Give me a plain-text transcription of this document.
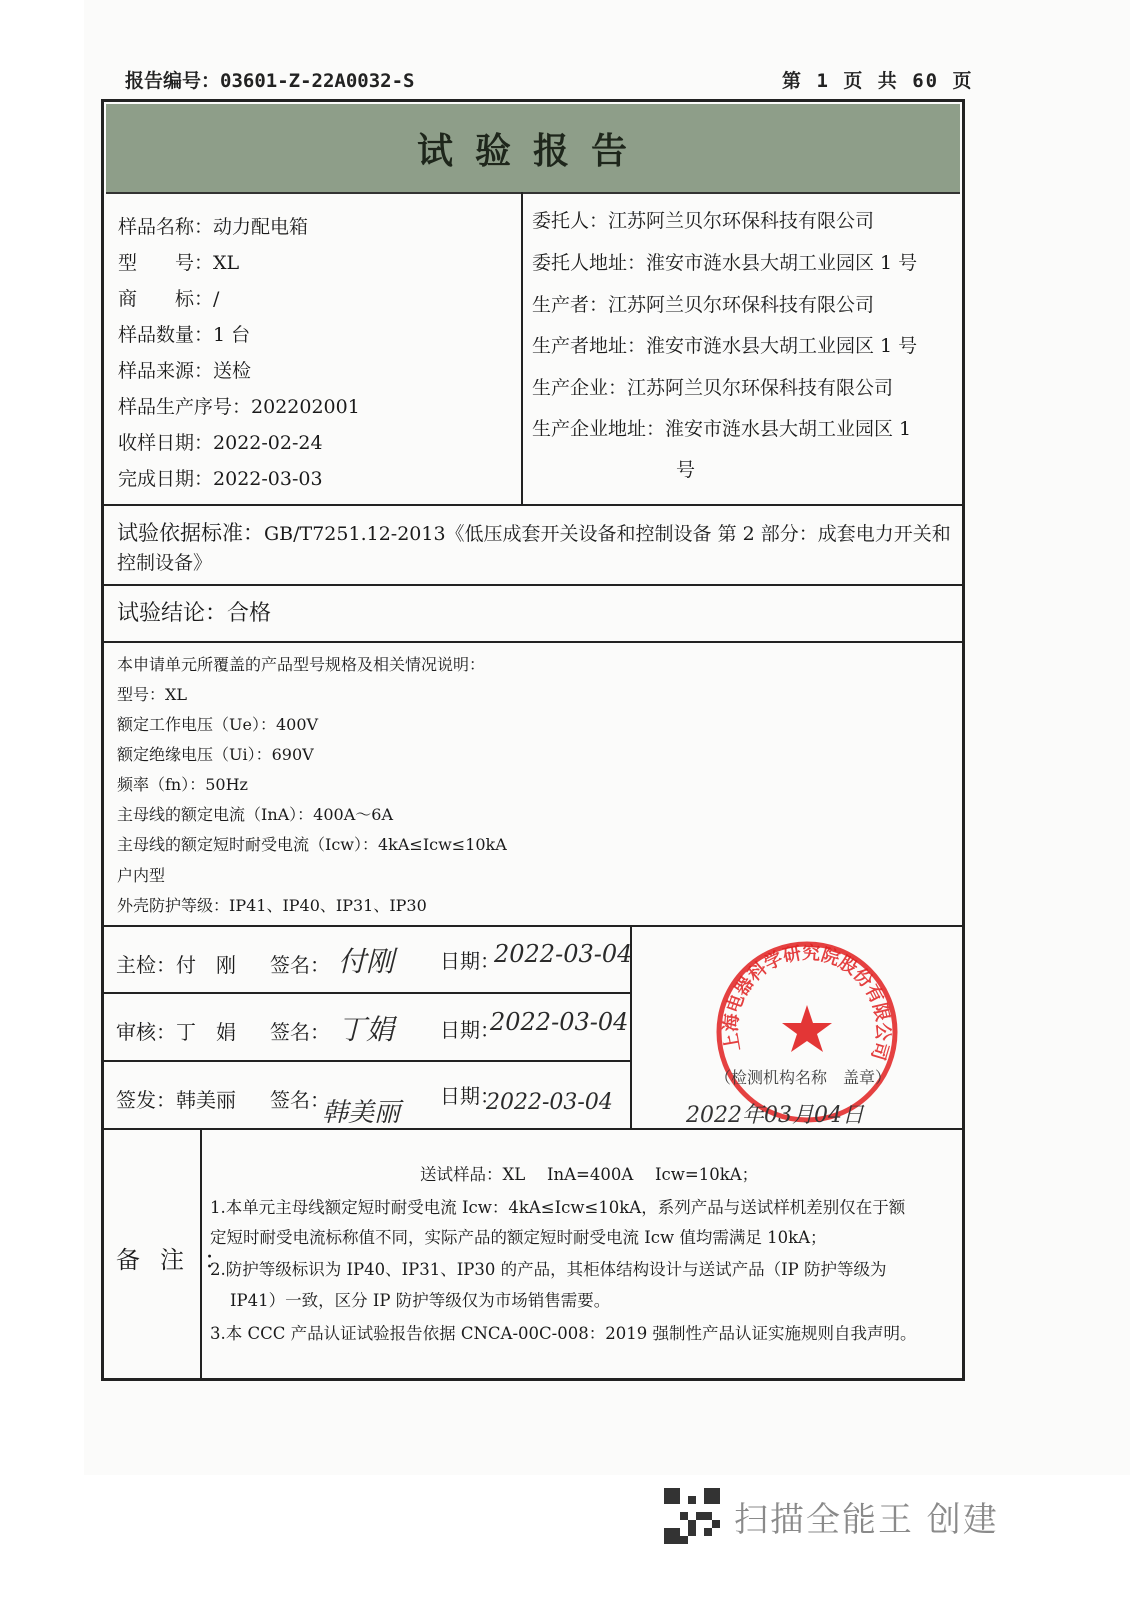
报告编号：03601-Z-22A0032-S	第 1 页 共 60 页
试验报告
样品名称：动力配电箱
型　　号：XL
商　　标：/
样品数量：1 台
样品来源：送检
样品生产序号：202202001
收样日期：2022-02-24
完成日期：2022-03-03
委托人：江苏阿兰贝尔环保科技有限公司
委托人地址：淮安市涟水县大胡工业园区 1 号
生产者：江苏阿兰贝尔环保科技有限公司
生产者地址：淮安市涟水县大胡工业园区 1 号
生产企业：江苏阿兰贝尔环保科技有限公司
生产企业地址：淮安市涟水县大胡工业园区 1
号
试验依据标准：GB/T7251.12-2013《低压成套开关设备和控制设备 第 2 部分：成套电力开关和控制设备》
试验结论：合格
本申请单元所覆盖的产品型号规格及相关情况说明：
型号：XL
额定工作电压（Ue）：400V
额定绝缘电压（Ui）：690V
频率（fn）：50Hz
主母线的额定电流（InA）：400A～6A
主母线的额定短时耐受电流（Icw）：4kA≤Icw≤10kA
户内型
外壳防护等级：IP41、IP40、IP31、IP30
主检：付　刚 签名： 付刚 日期：
2022-03-04
审核：丁　娟 签名： 丁娟 日期：
2022-03-04
签发：韩美丽 签名：
韩美丽
日期：
2022-03-04
上海电器科学研究院股份有限公司
（检测机构名称　盖章）
2022年03月04日
备注：
送试样品：XL　 InA=400A　 Icw=10kA；
1.本单元主母线额定短时耐受电流 Icw：4kA≤Icw≤10kA，系列产品与送试样机差别仅在于额
定短时耐受电流标称值不同，实际产品的额定短时耐受电流 Icw 值均需满足 10kA；
2.防护等级标识为 IP40、IP31、IP30 的产品，其柜体结构设计与送试产品（IP 防护等级为
IP41）一致，区分 IP 防护等级仅为市场销售需要。
3.本 CCC 产品认证试验报告依据 CNCA-00C-008：2019 强制性产品认证实施规则自我声明。
扫描全能王 创建
